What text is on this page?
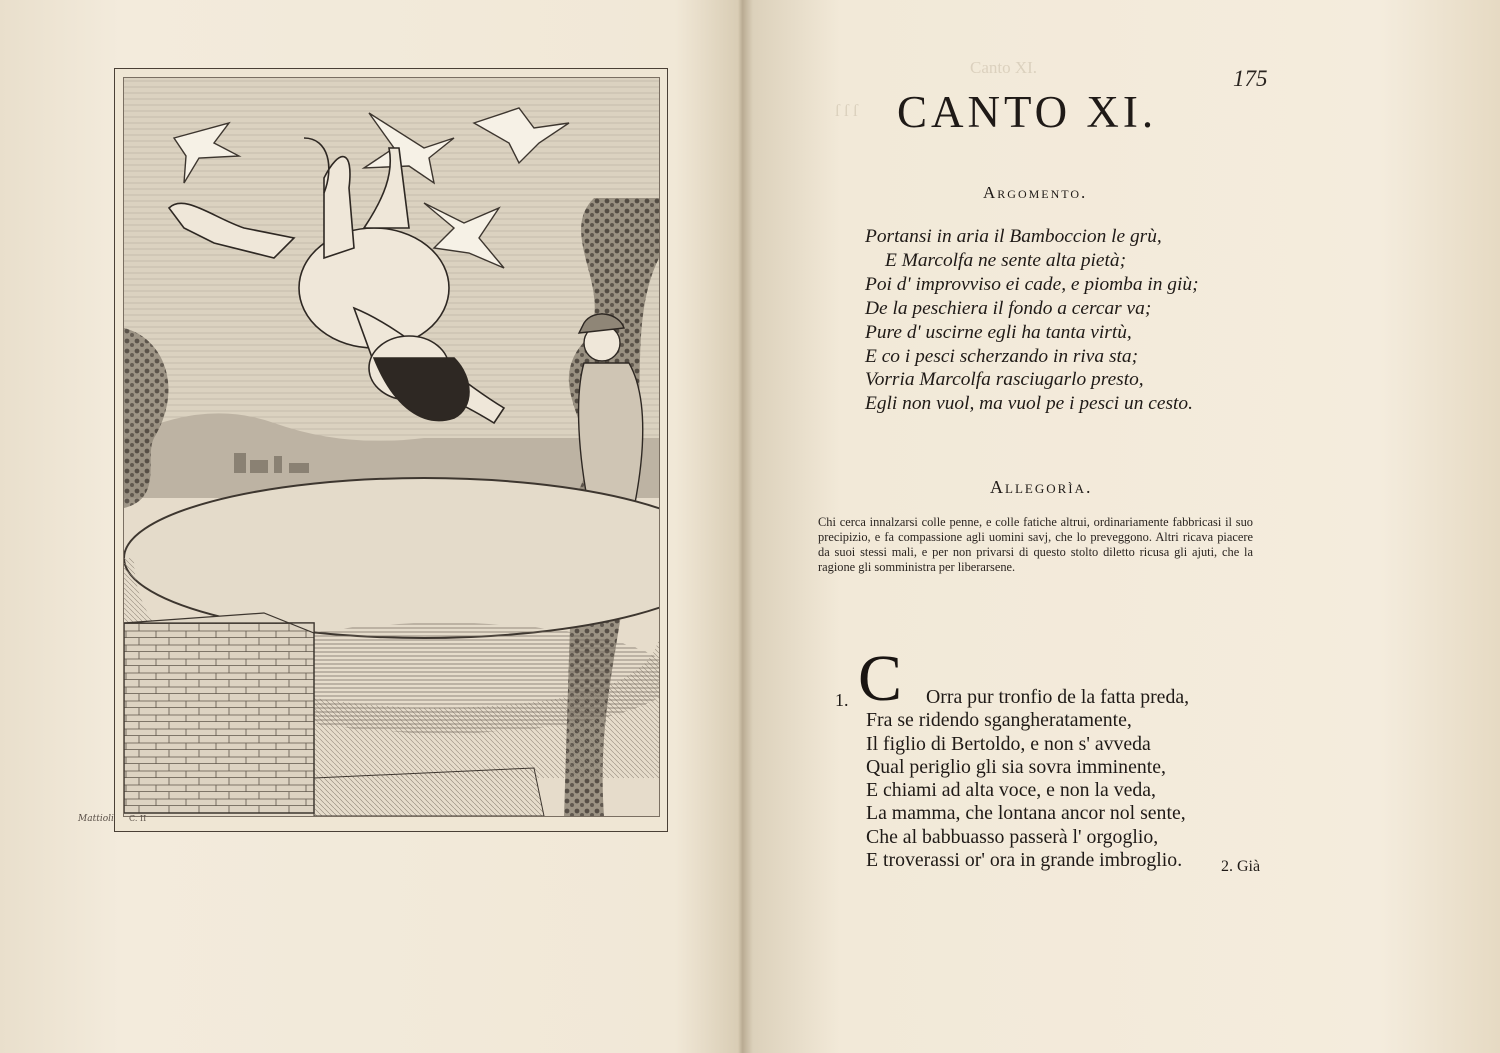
C. II
Mattioli
Canto XI.
ſ ſ ſ
175
CANTO XI.
Argomento.
Portansi in aria il Bamboccion le grù,
E Marcolfa ne sente alta pietà;
Poi d' improvviso ei cade, e piomba in giù;
De la peschiera il fondo a cercar va;
Pure d' uscirne egli ha tanta virtù,
E co i pesci scherzando in riva sta;
Vorria Marcolfa rasciugarlo presto,
Egli non vuol, ma vuol pe i pesci un cesto.
Allegorìa.
Chi cerca innalzarsi colle penne, e colle fatiche altrui, ordinariamente fabbricasi il suo precipizio, e fa compassione agli uomini savj, che lo preveggono. Altri ricava piacere da suoi stessi mali, e per non privarsi di questo stolto diletto ricusa gli ajuti, che la ragione gli somministra per liberarsene.
1. C	Orra pur tronfio de la fatta preda,
Fra se ridendo sgangheratamente,
Il figlio di Bertoldo, e non s' avveda
Qual periglio gli sia sovra imminente,
E chiami ad alta voce, e non la veda,
La mamma, che lontana ancor nol sente,
Che al babbuasso passerà l' orgoglio,
E troverassi or' ora in grande imbroglio.	2. Già
